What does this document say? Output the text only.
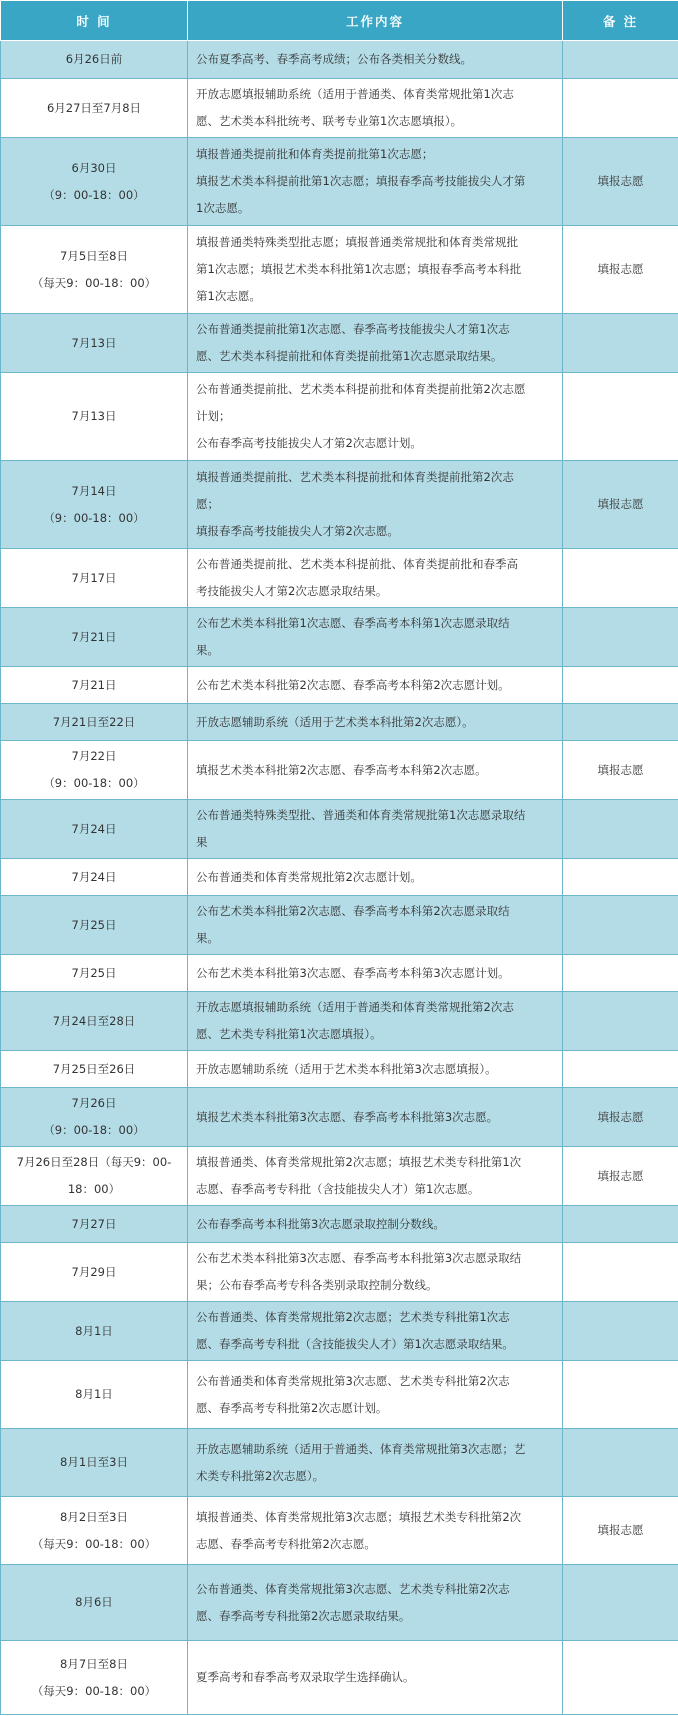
时 间	工作内容	备 注

6月26日前	公布夏季高考、春季高考成绩；公布各类相关分数线。	

6月27日至7月8日	开放志愿填报辅助系统（适用于普通类、体育类常规批第1次志
愿、艺术类本科批统考、联考专业第1次志愿填报）。	

6月30日
（9：00-18：00）	填报普通类提前批和体育类提前批第1次志愿；
填报艺术类本科提前批第1次志愿；填报春季高考技能拔尖人才第
1次志愿。	填报志愿

7月5日至8日
（每天9：00-18：00）	填报普通类特殊类型批志愿；填报普通类常规批和体育类常规批
第1次志愿；填报艺术类本科批第1次志愿；填报春季高考本科批
第1次志愿。	填报志愿

7月13日	公布普通类提前批第1次志愿、春季高考技能拔尖人才第1次志
愿、艺术类本科提前批和体育类提前批第1次志愿录取结果。	

7月13日	公布普通类提前批、艺术类本科提前批和体育类提前批第2次志愿
计划；
公布春季高考技能拔尖人才第2次志愿计划。	

7月14日
（9：00-18：00）	填报普通类提前批、艺术类本科提前批和体育类提前批第2次志
愿；
填报春季高考技能拔尖人才第2次志愿。	填报志愿

7月17日	公布普通类提前批、艺术类本科提前批、体育类提前批和春季高
考技能拔尖人才第2次志愿录取结果。	

7月21日	公布艺术类本科批第1次志愿、春季高考本科第1次志愿录取结
果。	

7月21日	公布艺术类本科批第2次志愿、春季高考本科第2次志愿计划。	

7月21日至22日	开放志愿辅助系统（适用于艺术类本科批第2次志愿）。	

7月22日
（9：00-18：00）	填报艺术类本科批第2次志愿、春季高考本科第2次志愿。	填报志愿

7月24日	公布普通类特殊类型批、普通类和体育类常规批第1次志愿录取结
果	

7月24日	公布普通类和体育类常规批第2次志愿计划。	

7月25日	公布艺术类本科批第2次志愿、春季高考本科第2次志愿录取结
果。	

7月25日	公布艺术类本科批第3次志愿、春季高考本科第3次志愿计划。	

7月24日至28日	开放志愿填报辅助系统（适用于普通类和体育类常规批第2次志
愿、艺术类专科批第1次志愿填报）。	

7月25日至26日	开放志愿辅助系统（适用于艺术类本科批第3次志愿填报）。	

7月26日
（9：00-18：00）	填报艺术类本科批第3次志愿、春季高考本科批第3次志愿。	填报志愿

7月26日至28日（每天9：00-
18：00）	填报普通类、体育类常规批第2次志愿；填报艺术类专科批第1次
志愿、春季高考专科批（含技能拔尖人才）第1次志愿。	填报志愿

7月27日	公布春季高考本科批第3次志愿录取控制分数线。	

7月29日	公布艺术类本科批第3次志愿、春季高考本科批第3次志愿录取结
果；公布春季高考专科各类别录取控制分数线。	

8月1日	公布普通类、体育类常规批第2次志愿；艺术类专科批第1次志
愿、春季高考专科批（含技能拔尖人才）第1次志愿录取结果。	

8月1日	公布普通类和体育类常规批第3次志愿、艺术类专科批第2次志
愿、春季高考专科批第2次志愿计划。	

8月1日至3日	开放志愿辅助系统（适用于普通类、体育类常规批第3次志愿；艺
术类专科批第2次志愿）。	

8月2日至3日
（每天9：00-18：00）	填报普通类、体育类常规批第3次志愿；填报艺术类专科批第2次
志愿、春季高考专科批第2次志愿。	填报志愿

8月6日	公布普通类、体育类常规批第3次志愿、艺术类专科批第2次志
愿、春季高考专科批第2次志愿录取结果。	

8月7日至8日
（每天9：00-18：00）	夏季高考和春季高考双录取学生选择确认。	
